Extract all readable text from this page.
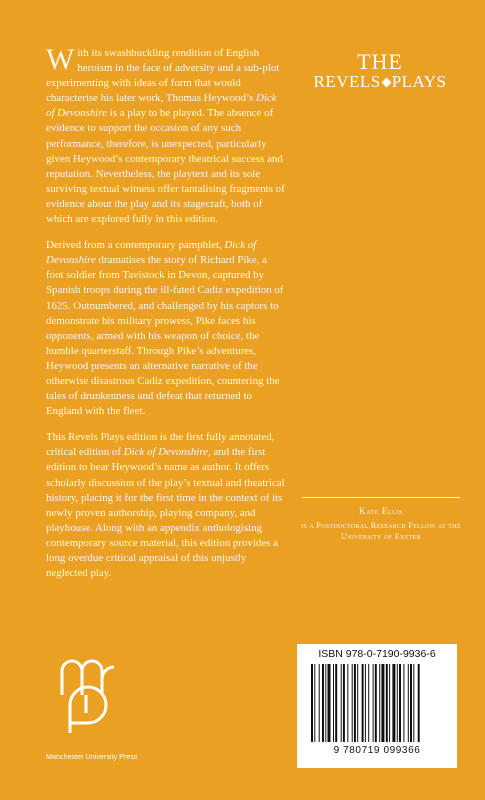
With its swashbuckling rendition of English heroism in the face of adversity and a sub-plot experimenting with ideas of form that would characterise his later work, Thomas Heywood’s Dick of Devonshire is a play to be played. The absence of evidence to support the occasion of any such performance, therefore, is unexpected, particularly given Heywood’s contemporary theatrical success and reputation. Nevertheless, the playtext and its sole surviving textual witness offer tantalising fragments of evidence about the play and its stagecraft, both of which are explored fully in this edition.

Derived from a contemporary pamphlet, Dick of Devonshire dramatises the story of Richard Pike, a foot soldier from Tavistock in Devon, captured by Spanish troops during the ill-fated Cadiz expedition of 1625. Outnumbered, and challenged by his captors to demonstrate his military prowess, Pike faces his opponents, armed with his weapon of choice, the humble quarterstaff. Through Pike’s adventures, Heywood presents an alternative narrative of the otherwise disastrous Cadiz expedition, countering the tales of drunkenness and defeat that returned to England with the fleet.

This Revels Plays edition is the first fully annotated, critical edition of Dick of Devonshire, and the first edition to bear Heywood’s name as author. It offers scholarly discussion of the play’s textual and theatrical history, placing it for the first time in the context of its newly proven authorship, playing company, and playhouse. Along with an appendix anthologising contemporary source material, this edition provides a long overdue critical appraisal of this unjustly neglected play.

THE
REVELS PLAYS
Kate Ellis
is a Postdoctoral Research Fellow at the University of Exeter
Manchester University Press
ISBN 978-0-7190-9936-6
9 780719 099366
www.manchesteruniversitypress.co.uk
